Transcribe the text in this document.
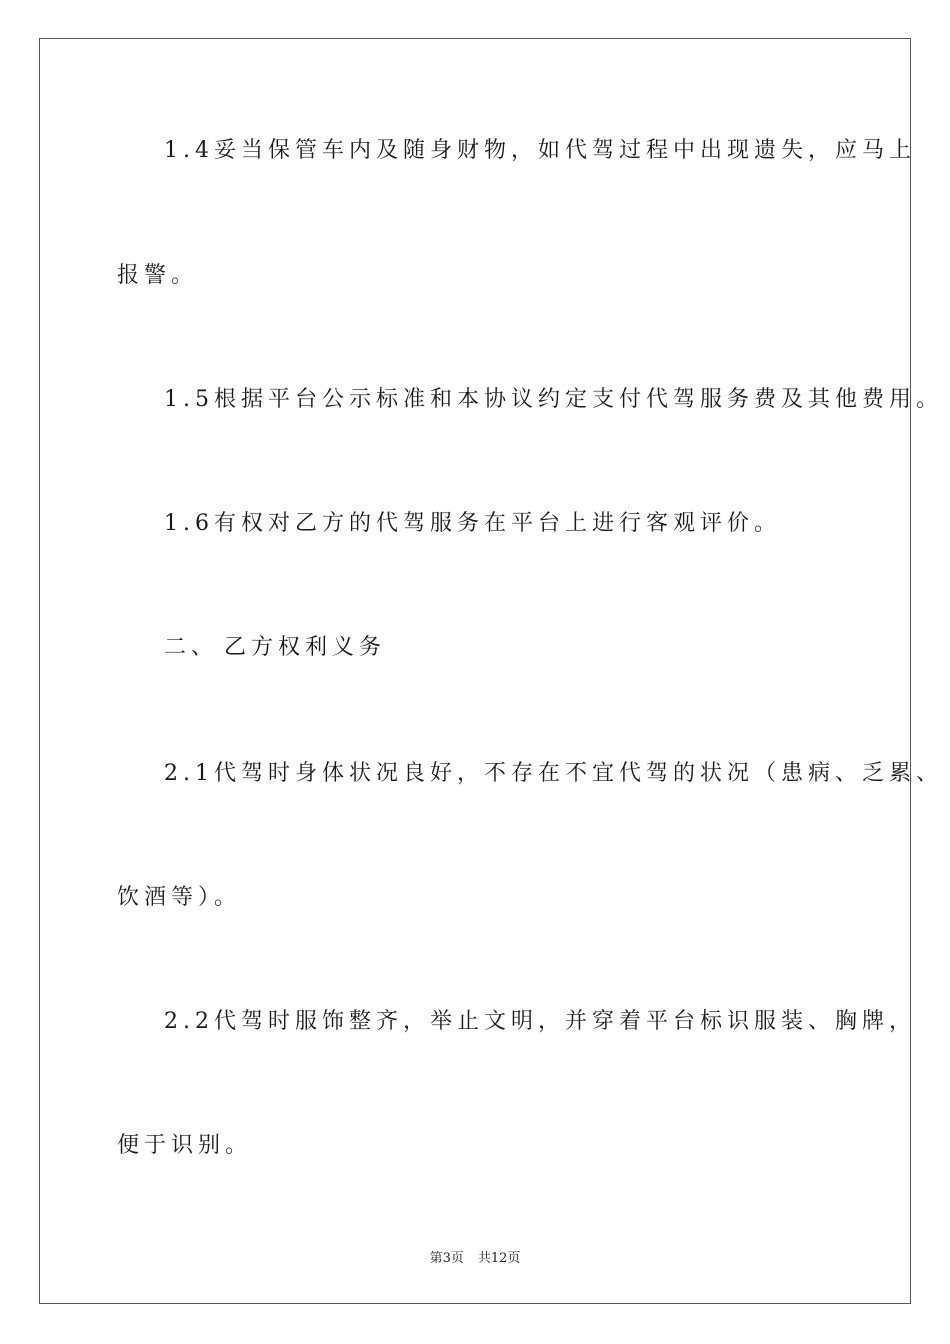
1.4妥当保管车内及随身财物，如代驾过程中出现遗失，应马上
报警。
1.5根据平台公示标准和本协议约定支付代驾服务费及其他费用。
1.6有权对乙方的代驾服务在平台上进行客观评价。
二、 乙方权利义务
2.1代驾时身体状况良好，不存在不宜代驾的状况（患病、乏累、
饮酒等）。
2.2代驾时服饰整齐，举止文明，并穿着平台标识服装、胸牌，
便于识别。
第3页 共12页
